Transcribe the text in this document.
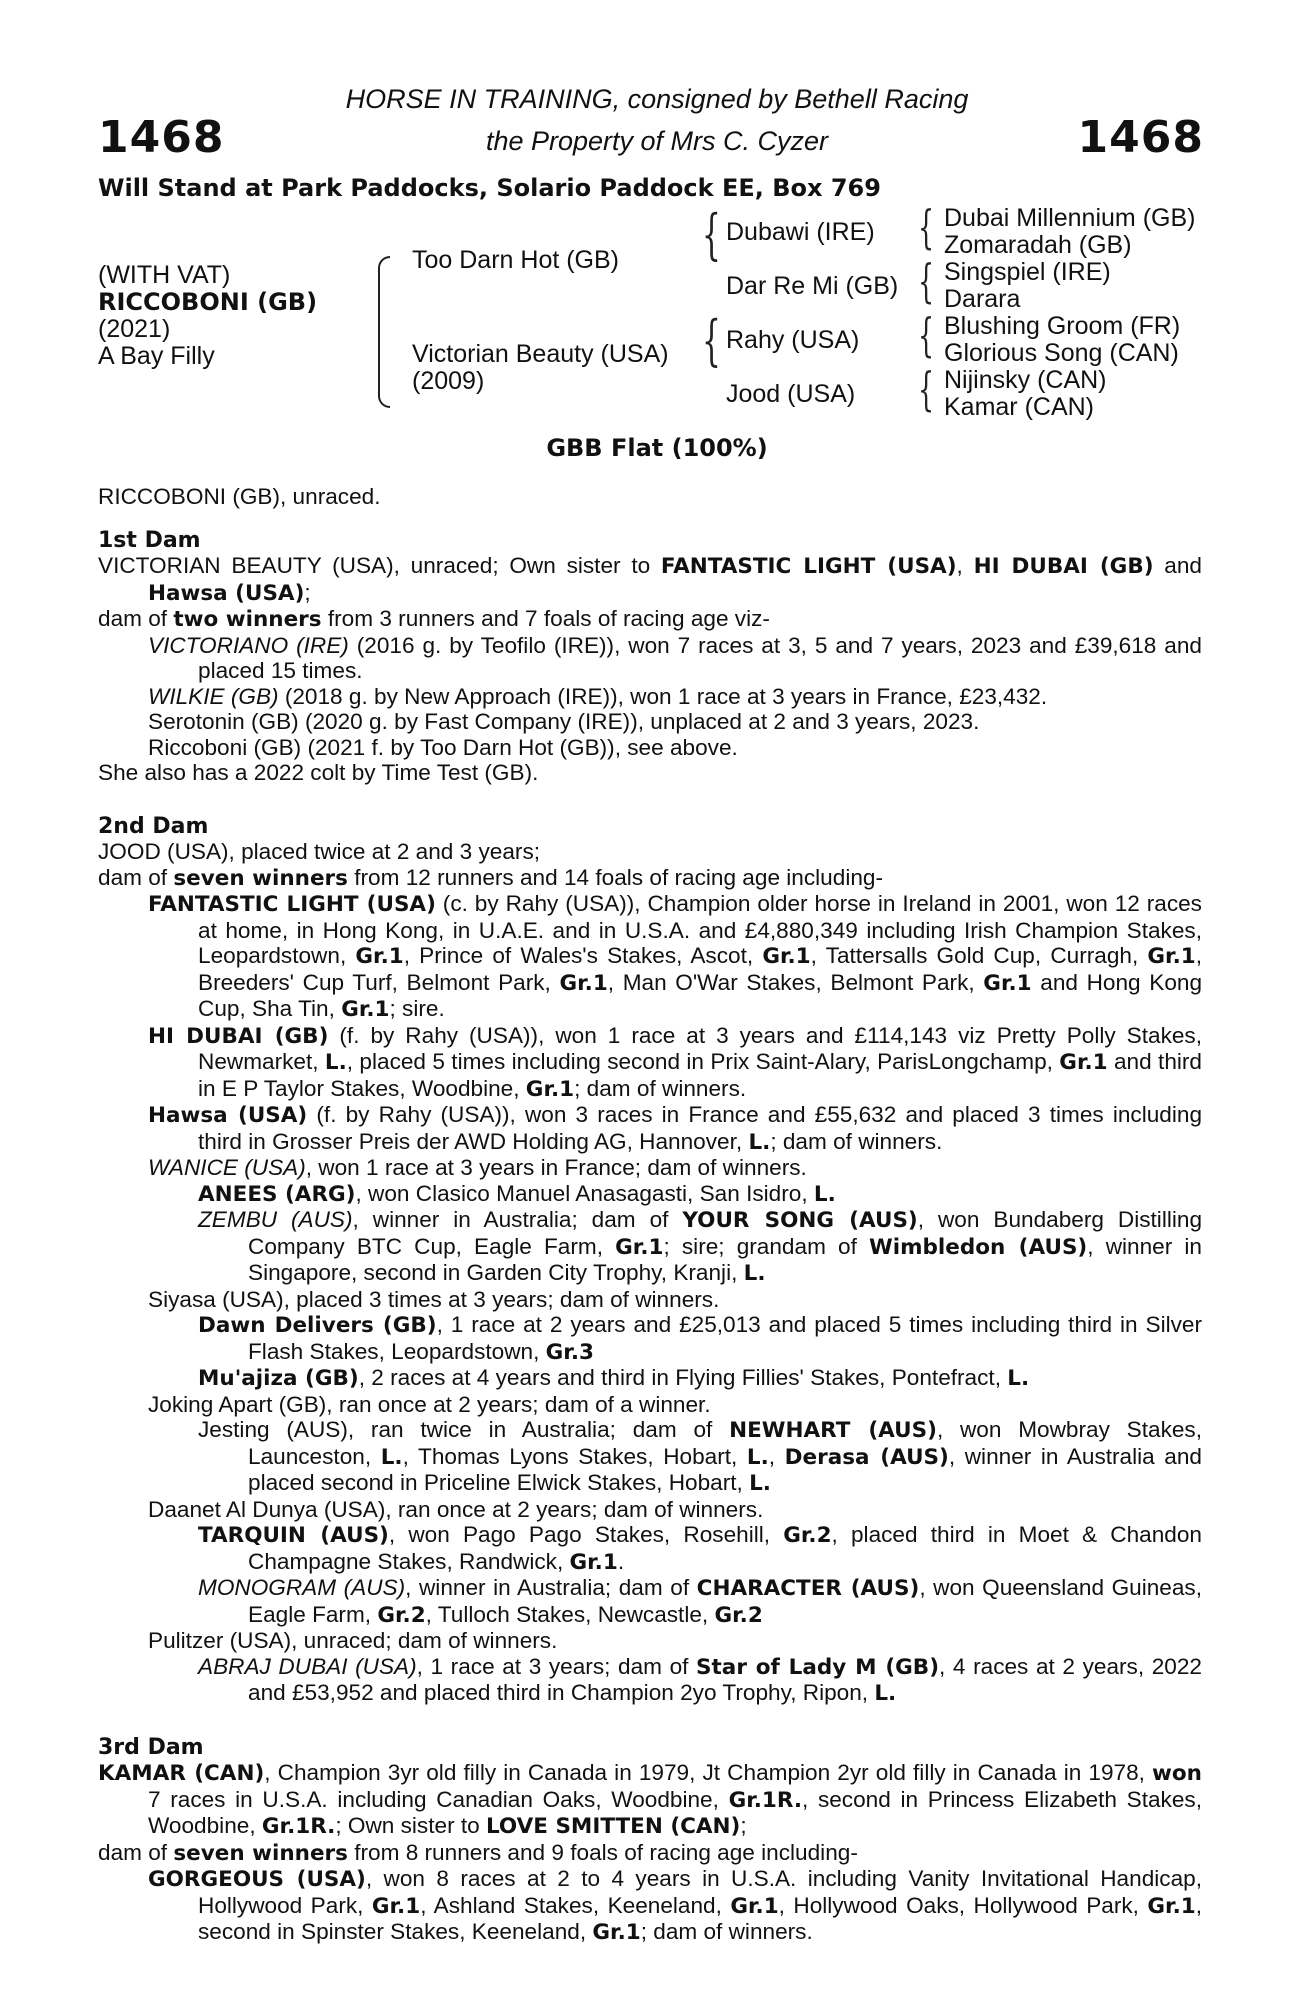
1468	1468
HORSE IN TRAINING, consigned by Bethell Racing
the Property of Mrs C. Cyzer
Will Stand at Park Paddocks, Solario Paddock EE, Box 769
(WITH VAT)
RICCOBONI (GB)
(2021)
A Bay Filly
Too Darn Hot (GB)
Victorian Beauty (USA)
(2009)
{
{
Dubawi (IRE)
Dar Re Mi (GB)
Rahy (USA)
Jood (USA)
{
{
{
{
Dubai Millennium (GB)
Zomaradah (GB)
Singspiel (IRE)
Darara
Blushing Groom (FR)
Glorious Song (CAN)
Nijinsky (CAN)
Kamar (CAN)
GBB Flat (100%)

RICCOBONI (GB), unraced.

1st Dam

VICTORIAN BEAUTY (USA), unraced; Own sister to FANTASTIC LIGHT (USA), HI DUBAI (GB) and Hawsa (USA);

dam of two winners from 3 runners and 7 foals of racing age viz-

VICTORIANO (IRE) (2016 g. by Teofilo (IRE)), won 7 races at 3, 5 and 7 years, 2023 and £39,618 and placed 15 times.

WILKIE (GB) (2018 g. by New Approach (IRE)), won 1 race at 3 years in France, £23,432.

Serotonin (GB) (2020 g. by Fast Company (IRE)), unplaced at 2 and 3 years, 2023.

Riccoboni (GB) (2021 f. by Too Darn Hot (GB)), see above.

She also has a 2022 colt by Time Test (GB).

2nd Dam

JOOD (USA), placed twice at 2 and 3 years;

dam of seven winners from 12 runners and 14 foals of racing age including-

FANTASTIC LIGHT (USA) (c. by Rahy (USA)), Champion older horse in Ireland in 2001, won 12 races at home, in Hong Kong, in U.A.E. and in U.S.A. and £4,880,349 including Irish Champion Stakes, Leopardstown, Gr.1, Prince of Wales's Stakes, Ascot, Gr.1, Tattersalls Gold Cup, Curragh, Gr.1, Breeders' Cup Turf, Belmont Park, Gr.1, Man O'War Stakes, Belmont Park, Gr.1 and Hong Kong Cup, Sha Tin, Gr.1; sire.

HI DUBAI (GB) (f. by Rahy (USA)), won 1 race at 3 years and £114,143 viz Pretty Polly Stakes, Newmarket, L., placed 5 times including second in Prix Saint-Alary, ParisLongchamp, Gr.1 and third in E P Taylor Stakes, Woodbine, Gr.1; dam of winners.

Hawsa (USA) (f. by Rahy (USA)), won 3 races in France and £55,632 and placed 3 times including third in Grosser Preis der AWD Holding AG, Hannover, L.; dam of winners.

WANICE (USA), won 1 race at 3 years in France; dam of winners.

ANEES (ARG), won Clasico Manuel Anasagasti, San Isidro, L.

ZEMBU (AUS), winner in Australia; dam of YOUR SONG (AUS), won Bundaberg Distilling Company BTC Cup, Eagle Farm, Gr.1; sire; grandam of Wimbledon (AUS), winner in Singapore, second in Garden City Trophy, Kranji, L.

Siyasa (USA), placed 3 times at 3 years; dam of winners.

Dawn Delivers (GB), 1 race at 2 years and £25,013 and placed 5 times including third in Silver Flash Stakes, Leopardstown, Gr.3

Mu'ajiza (GB), 2 races at 4 years and third in Flying Fillies' Stakes, Pontefract, L.

Joking Apart (GB), ran once at 2 years; dam of a winner.

Jesting (AUS), ran twice in Australia; dam of NEWHART (AUS), won Mowbray Stakes, Launceston, L., Thomas Lyons Stakes, Hobart, L., Derasa (AUS), winner in Australia and placed second in Priceline Elwick Stakes, Hobart, L.

Daanet Al Dunya (USA), ran once at 2 years; dam of winners.

TARQUIN (AUS), won Pago Pago Stakes, Rosehill, Gr.2, placed third in Moet & Chandon Champagne Stakes, Randwick, Gr.1.

MONOGRAM (AUS), winner in Australia; dam of CHARACTER (AUS), won Queensland Guineas, Eagle Farm, Gr.2, Tulloch Stakes, Newcastle, Gr.2

Pulitzer (USA), unraced; dam of winners.

ABRAJ DUBAI (USA), 1 race at 3 years; dam of Star of Lady M (GB), 4 races at 2 years, 2022 and £53,952 and placed third in Champion 2yo Trophy, Ripon, L.

3rd Dam

KAMAR (CAN), Champion 3yr old filly in Canada in 1979, Jt Champion 2yr old filly in Canada in 1978, won 7 races in U.S.A. including Canadian Oaks, Woodbine, Gr.1R., second in Princess Elizabeth Stakes, Woodbine, Gr.1R.; Own sister to LOVE SMITTEN (CAN);

dam of seven winners from 8 runners and 9 foals of racing age including-

GORGEOUS (USA), won 8 races at 2 to 4 years in U.S.A. including Vanity Invitational Handicap, Hollywood Park, Gr.1, Ashland Stakes, Keeneland, Gr.1, Hollywood Oaks, Hollywood Park, Gr.1, second in Spinster Stakes, Keeneland, Gr.1; dam of winners.
